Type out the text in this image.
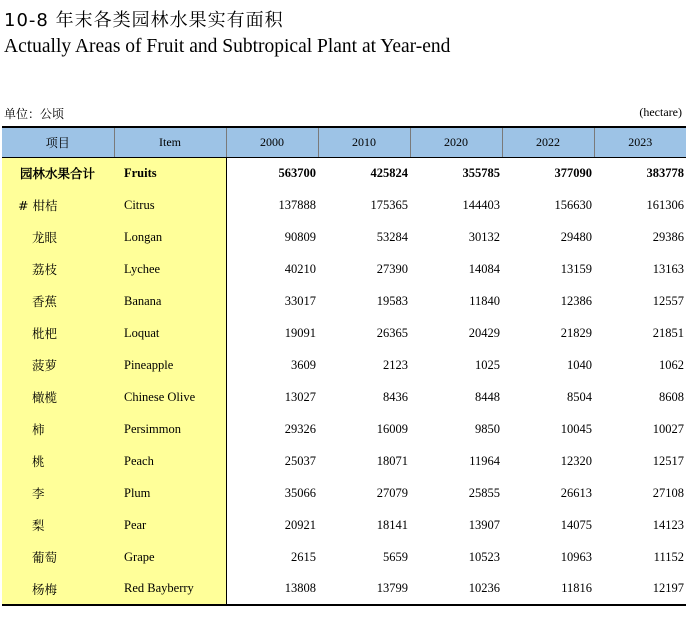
10-8 年末各类园林水果实有面积
Actually Areas of Fruit and Subtropical Plant at Year-end
单位：公顷	(hectare)
项目	Item	2000	2010	2020	2022	2023
园林水果合计	Fruits	563700	425824	355785	377090	383778
# 柑桔	Citrus	137888	175365	144403	156630	161306
龙眼	Longan	90809	53284	30132	29480	29386
荔枝	Lychee	40210	27390	14084	13159	13163
香蕉	Banana	33017	19583	11840	12386	12557
枇杷	Loquat	19091	26365	20429	21829	21851
菠萝	Pineapple	3609	2123	1025	1040	1062
橄榄	Chinese Olive	13027	8436	8448	8504	8608
柿	Persimmon	29326	16009	9850	10045	10027
桃	Peach	25037	18071	11964	12320	12517
李	Plum	35066	27079	25855	26613	27108
梨	Pear	20921	18141	13907	14075	14123
葡萄	Grape	2615	5659	10523	10963	11152
杨梅	Red Bayberry	13808	13799	10236	11816	12197
